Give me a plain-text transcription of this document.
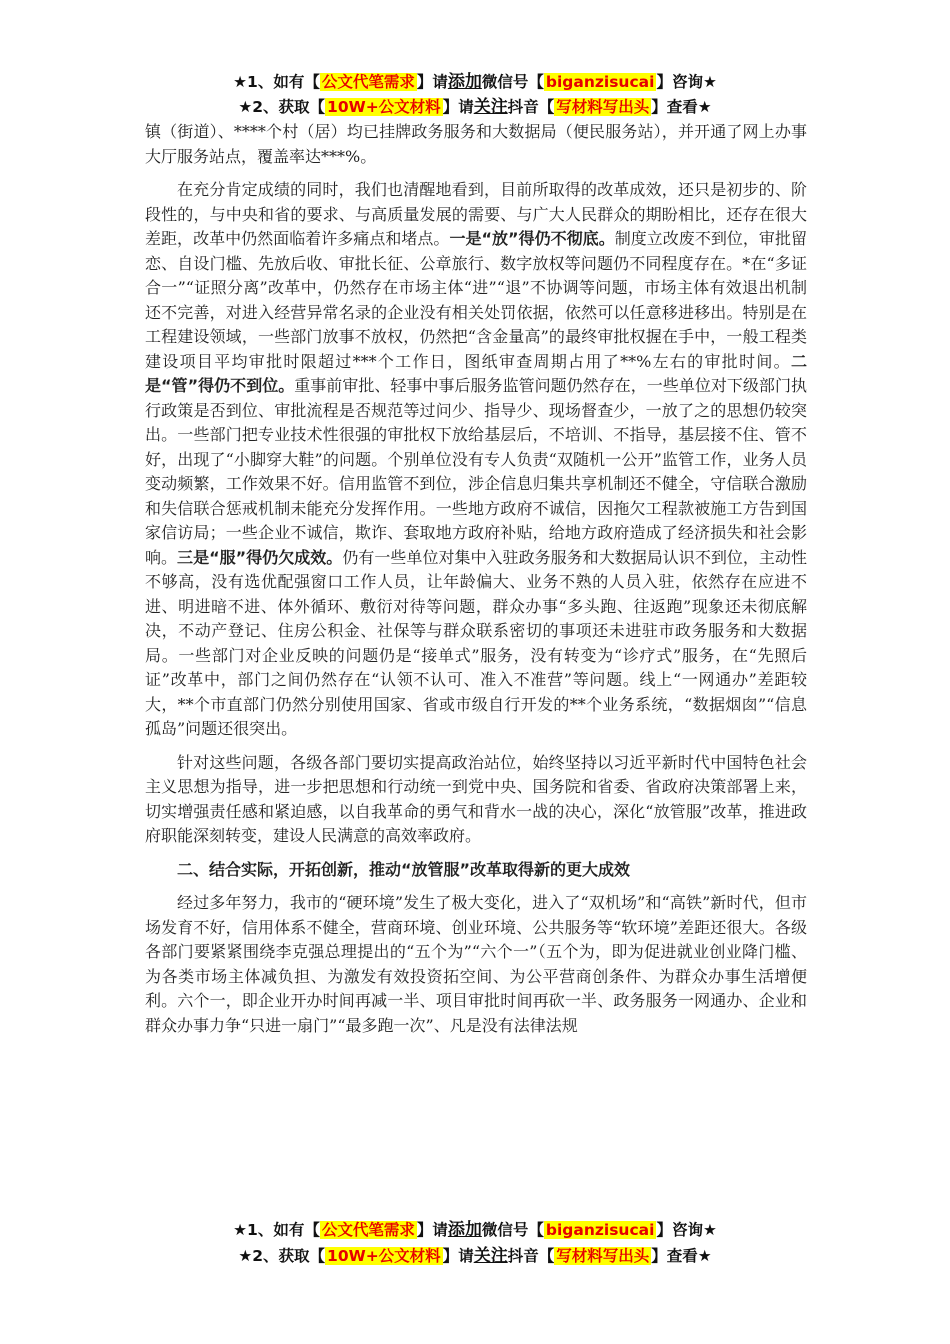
★1、如有【 公文代笔需求 】请添加微信号【 biganzisucai 】咨询★
★2、获取【 10W+公文材料 】请关注抖音【 写材料写出头 】查看★

镇（街道）、****个村（居）均已挂牌政务服务和大数据局（便民服务站），并开通了网上办事大厅服务站点，覆盖率达***%。

在充分肯定成绩的同时，我们也清醒地看到，目前所取得的改革成效，还只是初步的、阶段性的，与中央和省的要求、与高质量发展的需要、与广大人民群众的期盼相比，还存在很大差距，改革中仍然面临着许多痛点和堵点。一是“放”得仍不彻底。制度立改废不到位，审批留恋、自设门槛、先放后收、审批长征、公章旅行、数字放权等问题仍不同程度存在。*在“多证合一”“证照分离”改革中，仍然存在市场主体“进”“退”不协调等问题，市场主体有效退出机制还不完善，对进入经营异常名录的企业没有相关处罚依据，依然可以任意移进移出。特别是在工程建设领域，一些部门放事不放权，仍然把“含金量高”的最终审批权握在手中，一般工程类建设项目平均审批时限超过***个工作日，图纸审查周期占用了**%左右的审批时间。二是“管”得仍不到位。重事前审批、轻事中事后服务监管问题仍然存在，一些单位对下级部门执行政策是否到位、审批流程是否规范等过问少、指导少、现场督查少，一放了之的思想仍较突出。一些部门把专业技术性很强的审批权下放给基层后，不培训、不指导，基层接不住、管不好，出现了“小脚穿大鞋”的问题。个别单位没有专人负责“双随机一公开”监管工作，业务人员变动频繁，工作效果不好。信用监管不到位，涉企信息归集共享机制还不健全，守信联合激励和失信联合惩戒机制未能充分发挥作用。一些地方政府不诚信，因拖欠工程款被施工方告到国家信访局；一些企业不诚信，欺诈、套取地方政府补贴，给地方政府造成了经济损失和社会影响。三是“服”得仍欠成效。仍有一些单位对集中入驻政务服务和大数据局认识不到位，主动性不够高，没有选优配强窗口工作人员，让年龄偏大、业务不熟的人员入驻，依然存在应进不进、明进暗不进、体外循环、敷衍对待等问题，群众办事“多头跑、往返跑”现象还未彻底解决，不动产登记、住房公积金、社保等与群众联系密切的事项还未进驻市政务服务和大数据局。一些部门对企业反映的问题仍是“接单式”服务，没有转变为“诊疗式”服务，在“先照后证”改革中，部门之间仍然存在“认领不认可、准入不准营”等问题。线上“一网通办”差距较大，**个市直部门仍然分别使用国家、省或市级自行开发的**个业务系统，“数据烟囱”“信息孤岛”问题还很突出。

针对这些问题，各级各部门要切实提高政治站位，始终坚持以习近平新时代中国特色社会主义思想为指导，进一步把思想和行动统一到党中央、国务院和省委、省政府决策部署上来，切实增强责任感和紧迫感，以自我革命的勇气和背水一战的决心，深化“放管服”改革，推进政府职能深刻转变，建设人民满意的高效率政府。

二、结合实际，开拓创新，推动“放管服”改革取得新的更大成效

经过多年努力，我市的“硬环境”发生了极大变化，进入了“双机场”和“高铁”新时代，但市场发育不好，信用体系不健全，营商环境、创业环境、公共服务等“软环境”差距还很大。各级各部门要紧紧围绕李克强总理提出的“五个为”“六个一”（五个为，即为促进就业创业降门槛、为各类市场主体减负担、为激发有效投资拓空间、为公平营商创条件、为群众办事生活增便利。六个一，即企业开办时间再减一半、项目审批时间再砍一半、政务服务一网通办、企业和群众办事力争“只进一扇门”“最多跑一次”、凡是没有法律法规

★1、如有【 公文代笔需求 】请添加微信号【 biganzisucai 】咨询★
★2、获取【 10W+公文材料 】请关注抖音【 写材料写出头 】查看★
